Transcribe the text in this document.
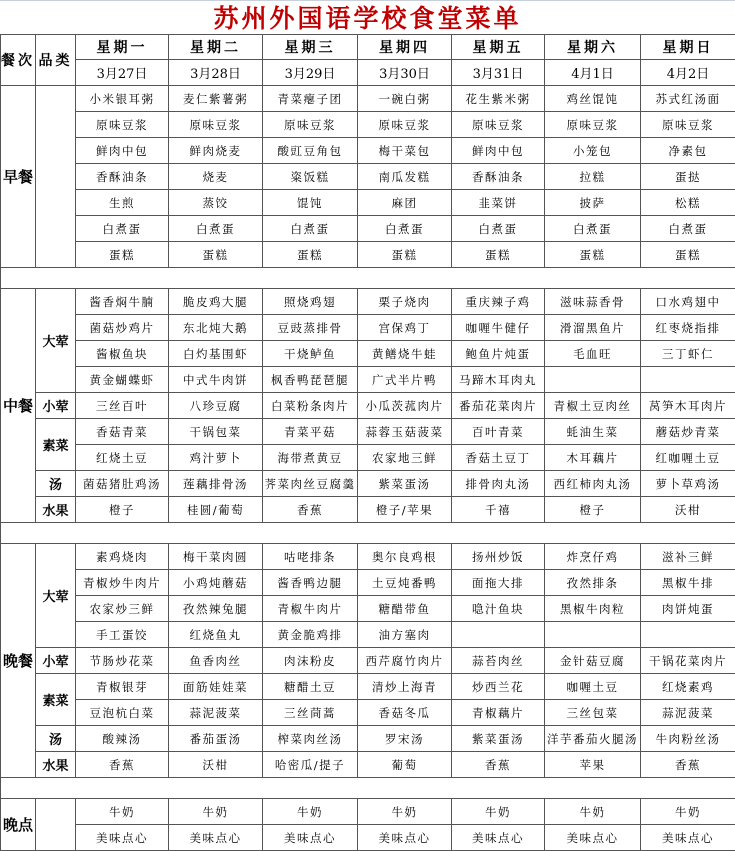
苏州外国语学校食堂菜单
餐次	品类	星期一	星期二	星期三	星期四	星期五	星期六	星期日
		3月27日	3月28日	3月29日	3月30日	3月31日	4月1日	4月2日
早餐		小米银耳粥	麦仁紫薯粥	青菜瘪子团	一碗白粥	花生紫米粥	鸡丝馄饨	苏式红汤面
		原味豆浆	原味豆浆	原味豆浆	原味豆浆	原味豆浆	原味豆浆	原味豆浆
		鲜肉中包	鲜肉烧麦	酸豇豆角包	梅干菜包	鲜肉中包	小笼包	净素包
		香酥油条	烧麦	粢饭糕	南瓜发糕	香酥油条	拉糕	蛋挞
		生煎	蒸饺	馄饨	麻团	韭菜饼	披萨	松糕
		白煮蛋	白煮蛋	白煮蛋	白煮蛋	白煮蛋	白煮蛋	白煮蛋
		蛋糕	蛋糕	蛋糕	蛋糕	蛋糕	蛋糕	蛋糕

中餐	大荤	酱香焖牛腩	脆皮鸡大腿	照烧鸡翅	栗子烧肉	重庆辣子鸡	滋味蒜香骨	口水鸡翅中
		菌菇炒鸡片	东北炖大鹅	豆豉蒸排骨	宫保鸡丁	咖喱牛健仔	滑溜黑鱼片	红枣烧指排
		酱椒鱼块	白灼基围虾	干烧鲈鱼	黄鳝烧牛蛙	鲍鱼片炖蛋	毛血旺	三丁虾仁
		黄金蝴蝶虾	中式牛肉饼	枫香鸭琵琶腿	广式半片鸭	马蹄木耳肉丸		
	小荤	三丝百叶	八珍豆腐	白菜粉条肉片	小瓜茨菰肉片	番茄花菜肉片	青椒土豆肉丝	莴笋木耳肉片
	素菜	香菇青菜	干锅包菜	青菜平菇	蒜蓉玉菇菠菜	百叶青菜	蚝油生菜	蘑菇炒青菜
		红烧土豆	鸡汁萝卜	海带煮黄豆	农家地三鲜	香菇土豆丁	木耳藕片	红咖喱土豆
	汤	菌菇猪肚鸡汤	莲藕排骨汤	荠菜肉丝豆腐羹	紫菜蛋汤	排骨肉丸汤	西红柿肉丸汤	萝卜草鸡汤
	水果	橙子	桂圆/葡萄	香蕉	橙子/苹果	千禧	橙子	沃柑

晚餐	大荤	素鸡烧肉	梅干菜肉圆	咕咾排条	奥尔良鸡根	扬州炒饭	炸烹仔鸡	滋补三鲜
		青椒炒牛肉片	小鸡炖蘑菇	酱香鸭边腿	土豆炖番鸭	面拖大排	孜然排条	黑椒牛排
		农家炒三鲜	孜然辣兔腿	青椒牛肉片	糖醋带鱼	喼汁鱼块	黑椒牛肉粒	肉饼炖蛋
		手工蛋饺	红烧鱼丸	黄金脆鸡排	油方塞肉			
	小荤	节肠炒花菜	鱼香肉丝	肉沫粉皮	西芹腐竹肉片	蒜苔肉丝	金针菇豆腐	干锅花菜肉片
	素菜	青椒银芽	面筋娃娃菜	糖醋土豆	清炒上海青	炒西兰花	咖喱土豆	红烧素鸡
		豆泡杭白菜	蒜泥菠菜	三丝茼蒿	香菇冬瓜	青椒藕片	三丝包菜	蒜泥菠菜
	汤	酸辣汤	番茄蛋汤	榨菜肉丝汤	罗宋汤	紫菜蛋汤	洋芋番茄火腿汤	牛肉粉丝汤
	水果	香蕉	沃柑	哈密瓜/提子	葡萄	香蕉	苹果	香蕉

晚点		牛奶	牛奶	牛奶	牛奶	牛奶	牛奶	牛奶
		美味点心	美味点心	美味点心	美味点心	美味点心	美味点心	美味点心
